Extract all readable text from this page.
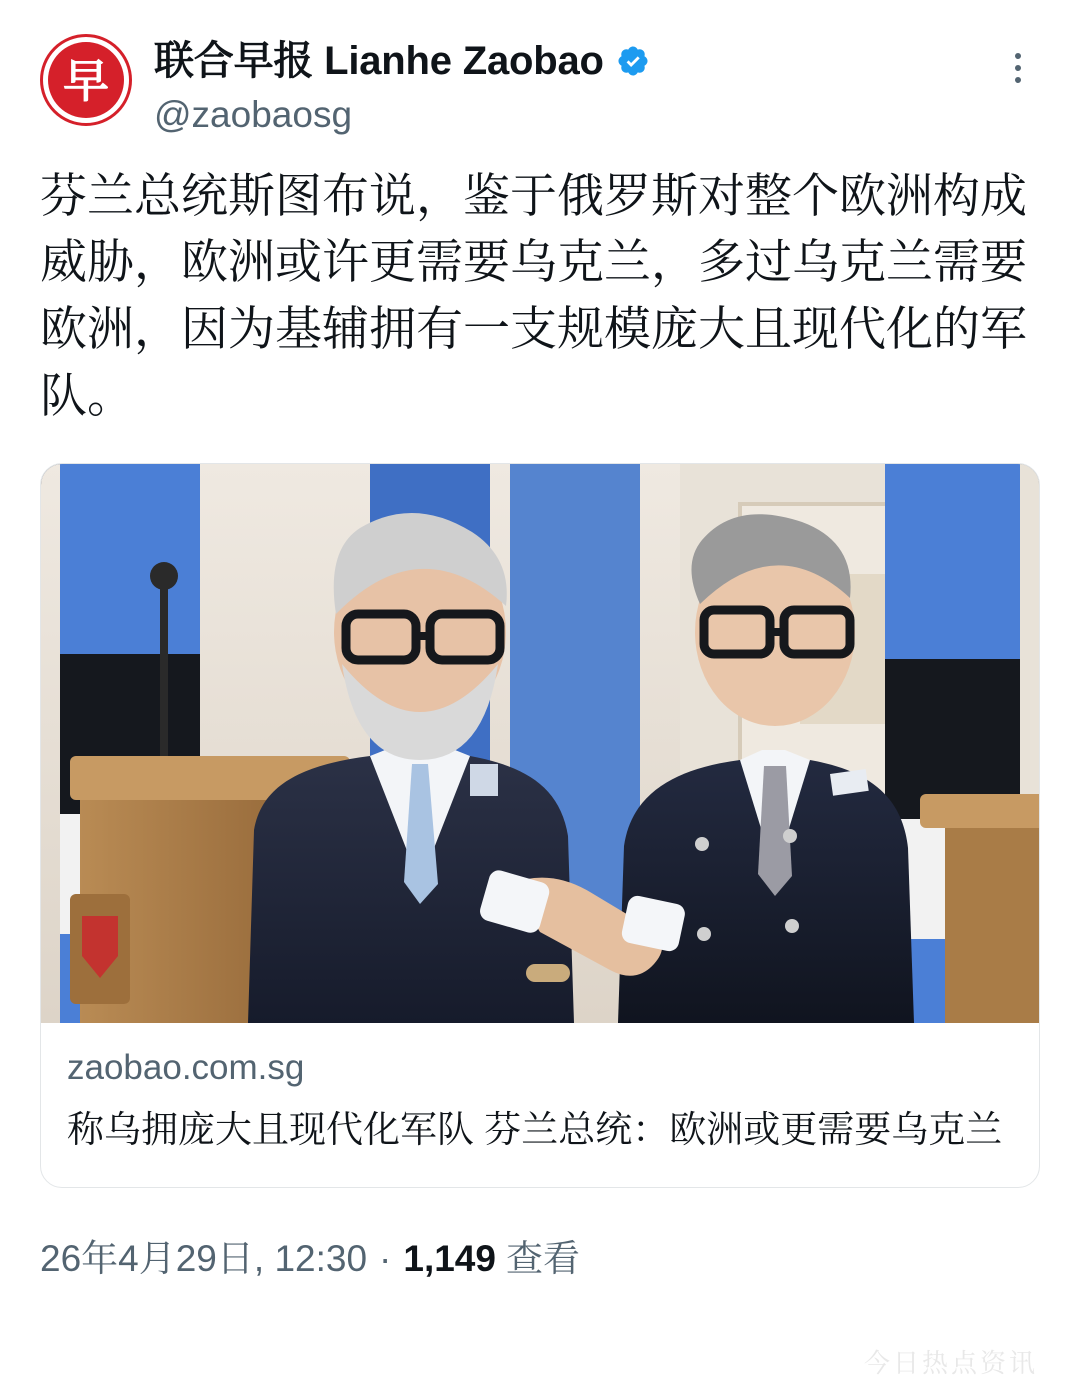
早 联合早报 Lianhe Zaobao
@zaobaosg
芬兰总统斯图布说，鉴于俄罗斯对整个欧洲构成威胁，欧洲或许更需要乌克兰，多过乌克兰需要欧洲，因为基辅拥有一支规模庞大且现代化的军队。
zaobao.com.sg
称乌拥庞大且现代化军队 芬兰总统：欧洲或更需要乌克兰
26年4月29日, 12:30 · 1,149 查看
今日热点资讯
